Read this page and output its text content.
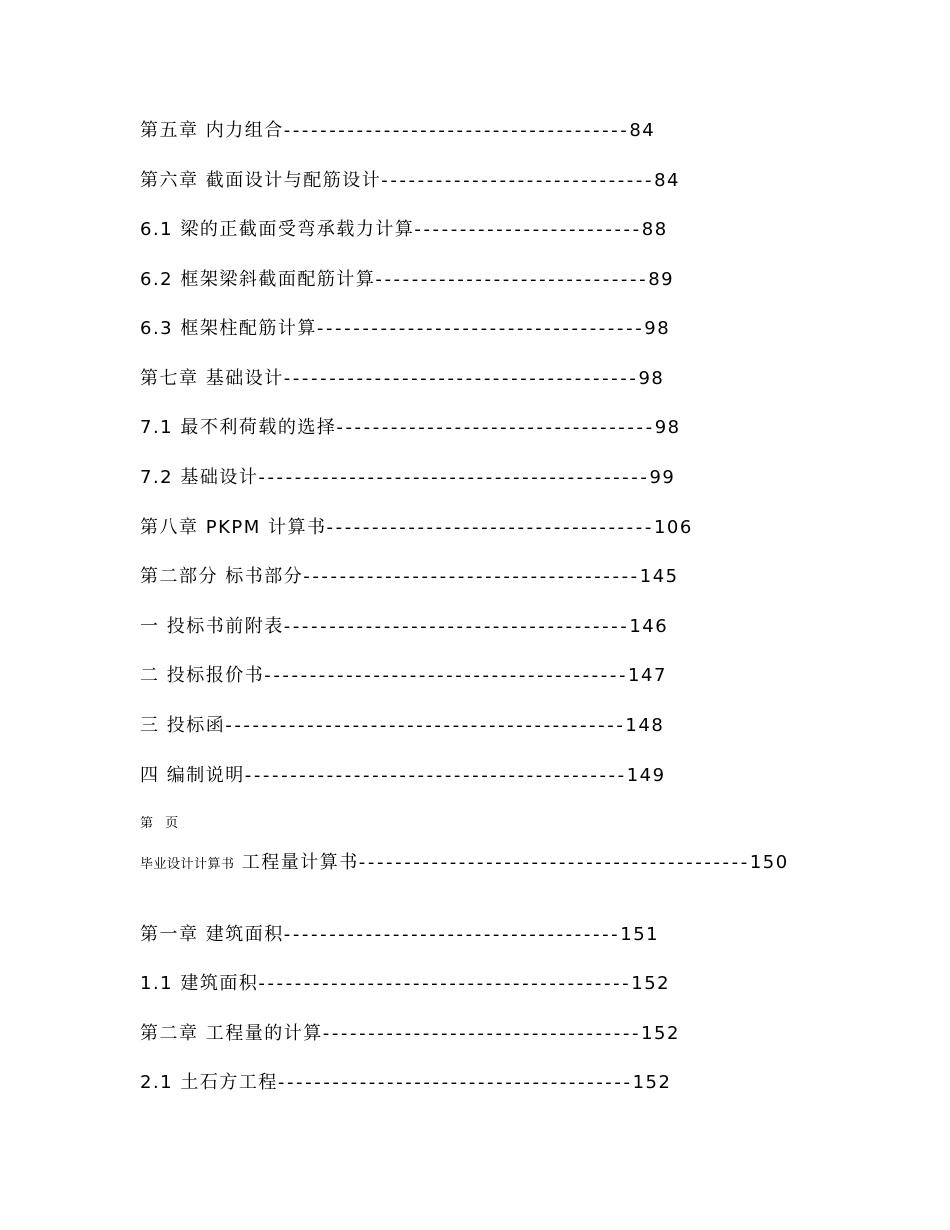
第五章 内力组合--------------------------------------84
第六章 截面设计与配筋设计------------------------------84
6.1 梁的正截面受弯承载力计算-------------------------88
6.2 框架梁斜截面配筋计算------------------------------89
6.3 框架柱配筋计算------------------------------------98
第七章 基础设计---------------------------------------98
7.1 最不利荷载的选择-----------------------------------98
7.2 基础设计-------------------------------------------99
第八章 PKPM 计算书------------------------------------106
第二部分 标书部分-------------------------------------145
一 投标书前附表--------------------------------------146
二 投标报价书----------------------------------------147
三 投标函--------------------------------------------148
四 编制说明------------------------------------------149
第 页
毕业设计计算书 工程量计算书-------------------------------------------150
第一章 建筑面积-------------------------------------151
1.1 建筑面积-----------------------------------------152
第二章 工程量的计算-----------------------------------152
2.1 土石方工程---------------------------------------152
